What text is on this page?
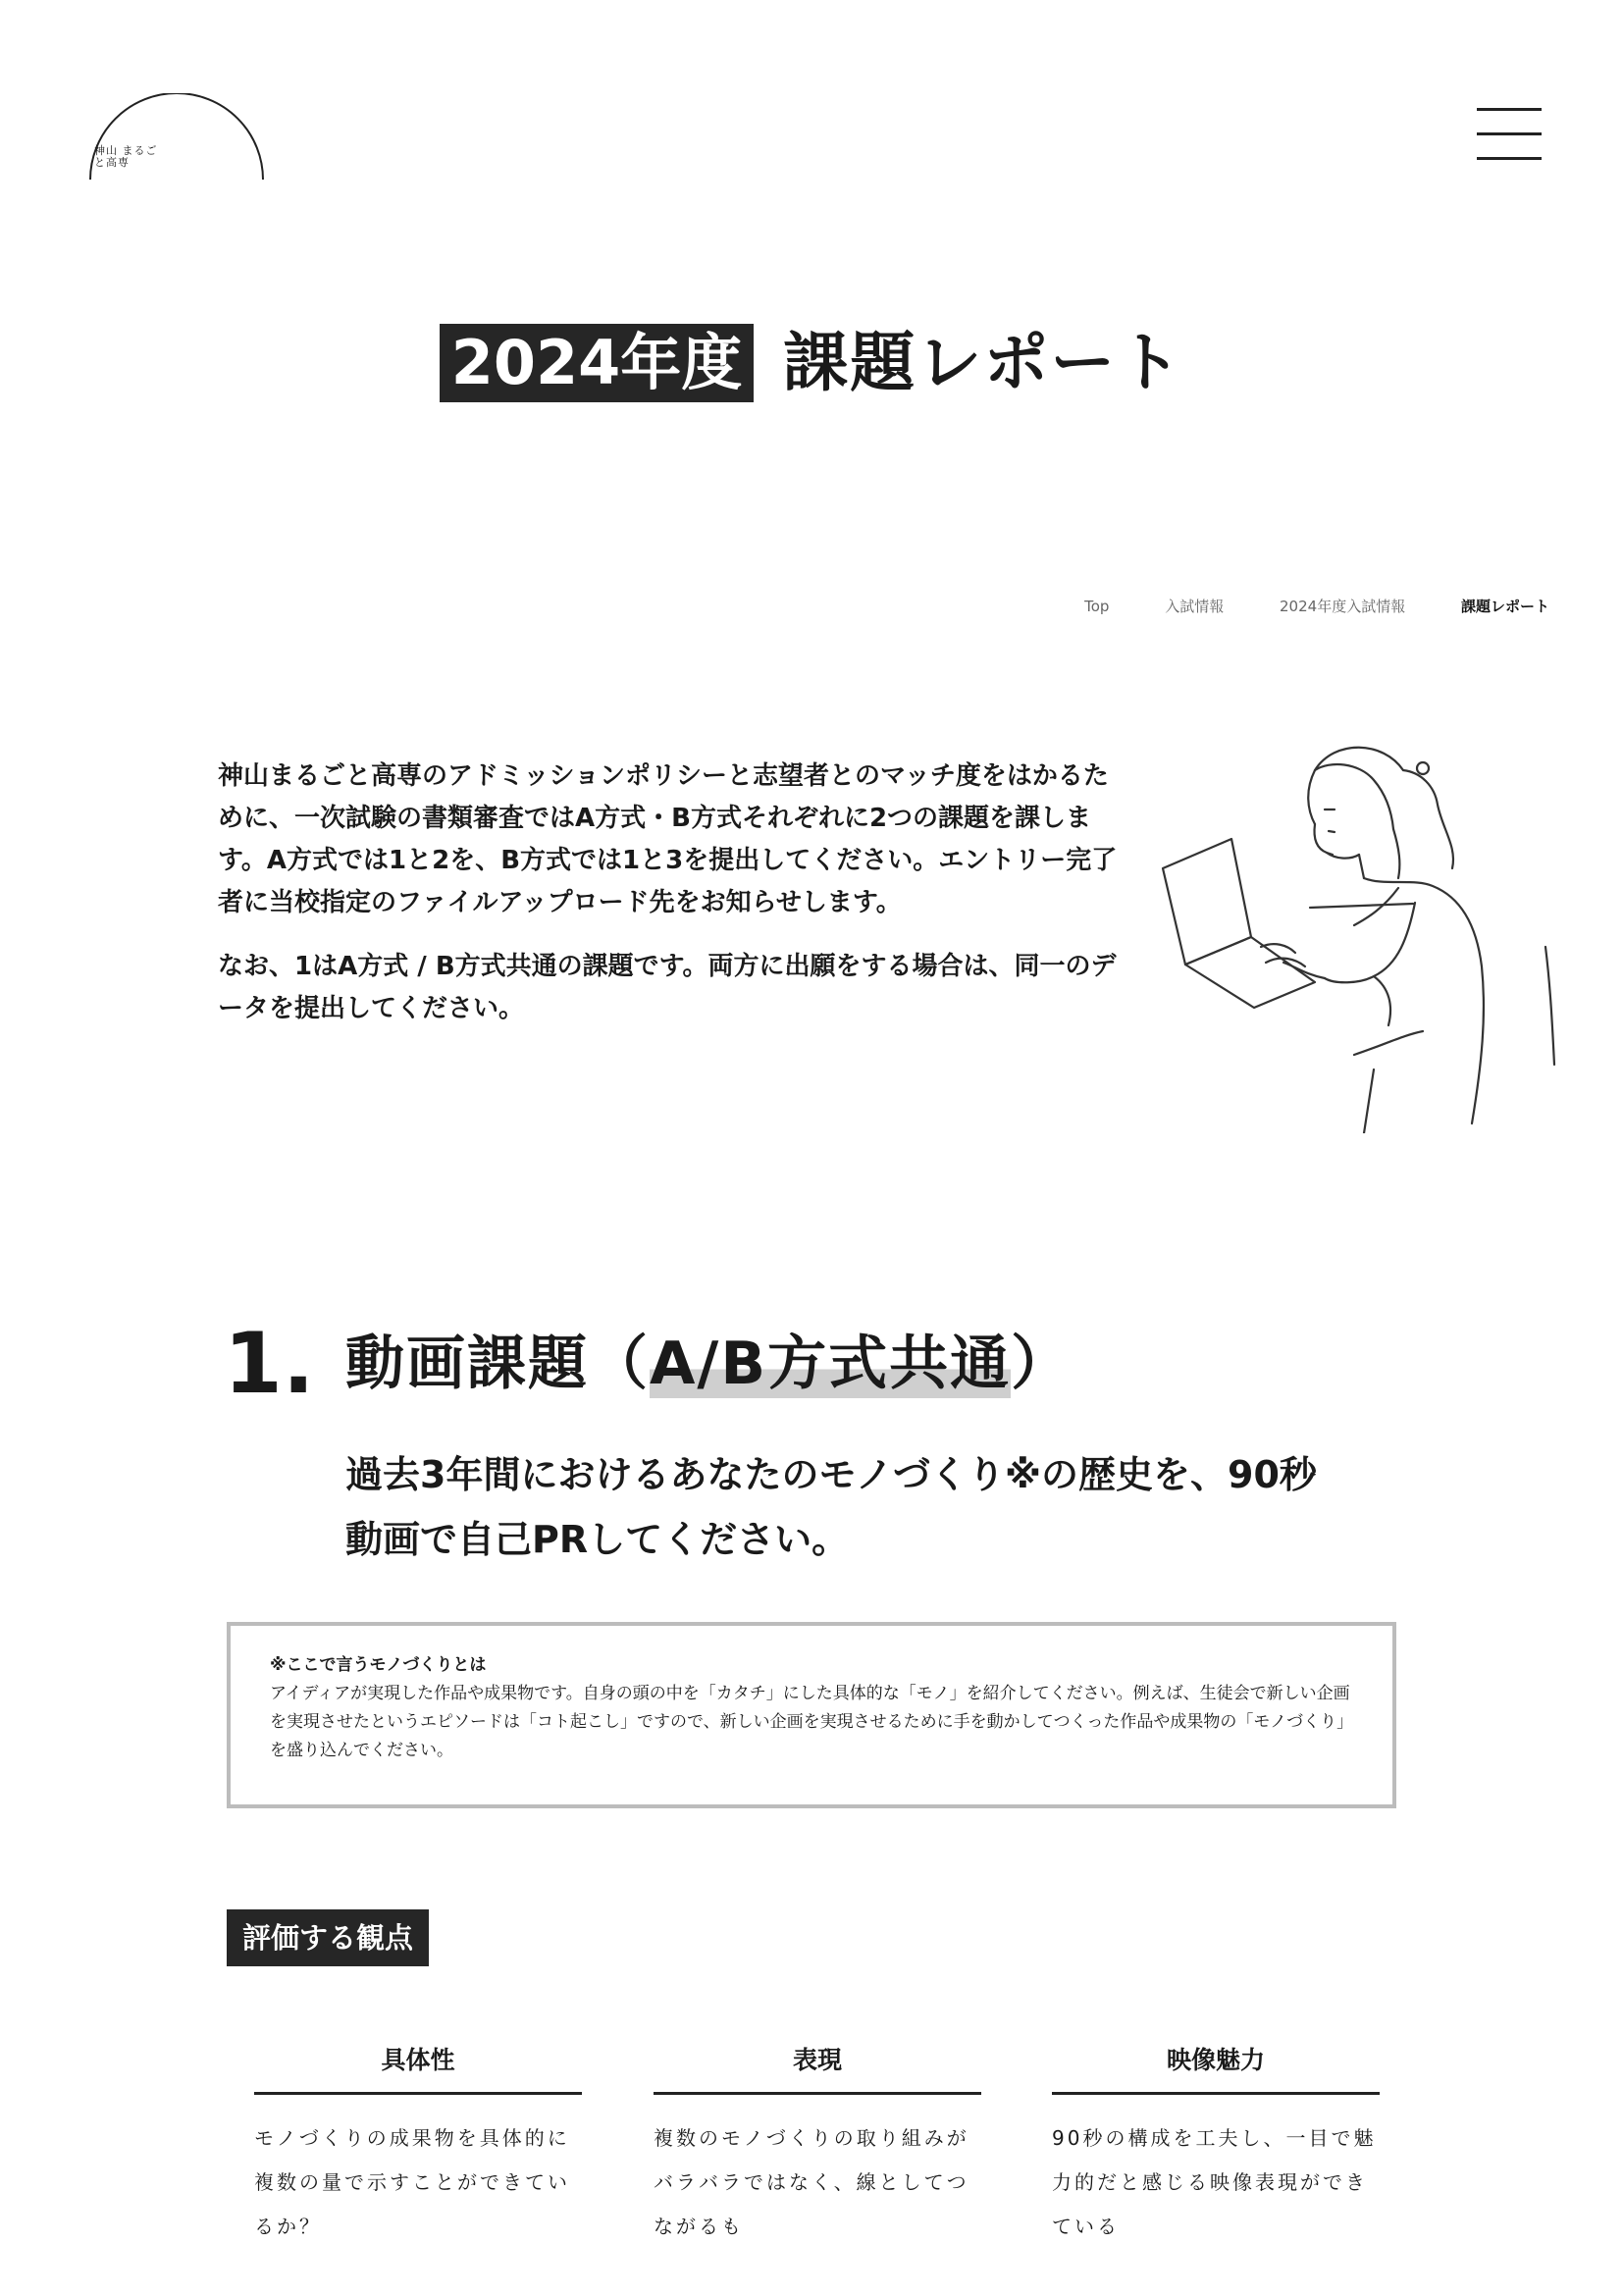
神山 まるご と高専
2024年度 課題レポート
Top	入試情報	2024年度入試情報	課題レポート

神山まるごと高専のアドミッションポリシーと志望者とのマッチ度をはかるために、一次試験の書類審査ではA方式・B方式それぞれに2つの課題を課します。A方式では1と2を、B方式では1と3を提出してください。エントリー完了者に当校指定のファイルアップロード先をお知らせします。

なお、1はA方式 / B方式共通の課題です。両方に出願をする場合は、同一のデータを提出してください。

1. 動画課題（A/B方式共通）
過去3年間におけるあなたのモノづくり※の歴史を、90秒動画で自己PRしてください。
※ここで言うモノづくりとは
アイディアが実現した作品や成果物です。自身の頭の中を「カタチ」にした具体的な「モノ」を紹介してください。例えば、生徒会で新しい企画を実現させたというエピソードは「コト起こし」ですので、新しい企画を実現させるために手を動かしてつくった作品や成果物の「モノづくり」を盛り込んでください。
評価する観点
具体性
モノづくりの成果物を具体的に複数の量で示すことができているか？
表現
複数のモノづくりの取り組みがバラバラではなく、線としてつながるも
映像魅力
90秒の構成を工夫し、一目で魅力的だと感じる映像表現ができている
